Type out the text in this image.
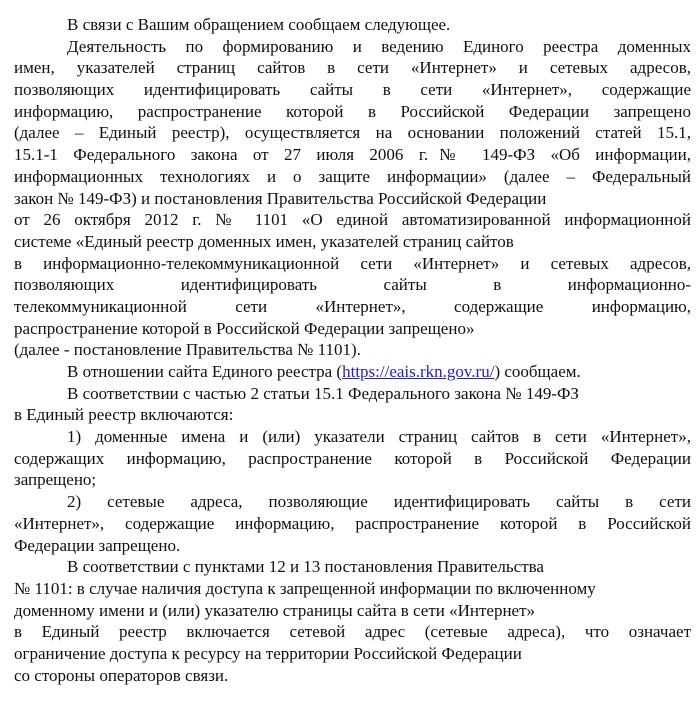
В связи с Вашим обращением сообщаем следующее.
Деятельность по формированию и ведению Единого реестра доменных
имен, указателей страниц сайтов в сети «Интернет» и сетевых адресов,
позволяющих идентифицировать сайты в сети «Интернет», содержащие
информацию, распространение которой в Российской Федерации запрещено
(далее – Единый реестр), осуществляется на основании положений статей 15.1,
15.1-1 Федерального закона от 27 июля 2006 г.№ 149-ФЗ «Об информации,
информационных технологиях и о защите информации» (далее – Федеральный
закон № 149-ФЗ) и постановления Правительства Российской Федерации
от 26 октября 2012 г. № 1101 «О единой автоматизированной информационной
системе «Единый реестр доменных имен, указателей страниц сайтов
в информационно-телекоммуникационной сети «Интернет» и сетевых адресов,
позволяющих идентифицировать сайты в информационно-
телекоммуникационной сети «Интернет», содержащие информацию,
распространение которой в Российской Федерации запрещено»
(далее - постановление Правительства № 1101).
В отношении сайта Единого реестра (https://eais.rkn.gov.ru/) сообщаем.
В соответствии с частью 2 статьи 15.1 Федерального закона № 149-ФЗ
в Единый реестр включаются:
1) доменные имена и (или) указатели страниц сайтов в сети «Интернет»,
содержащих информацию, распространение которой в Российской Федерации
запрещено;
2) сетевые адреса, позволяющие идентифицировать сайты в сети
«Интернет», содержащие информацию, распространение которой в Российской
Федерации запрещено.
В соответствии с пунктами 12 и 13 постановления Правительства
№ 1101: в случае наличия доступа к запрещенной информации по включенному
доменному имени и (или) указателю страницы сайта в сети «Интернет»
в Единый реестр включается сетевой адрес (сетевые адреса), что означает
ограничение доступа к ресурсу на территории Российской Федерации
со стороны операторов связи.
